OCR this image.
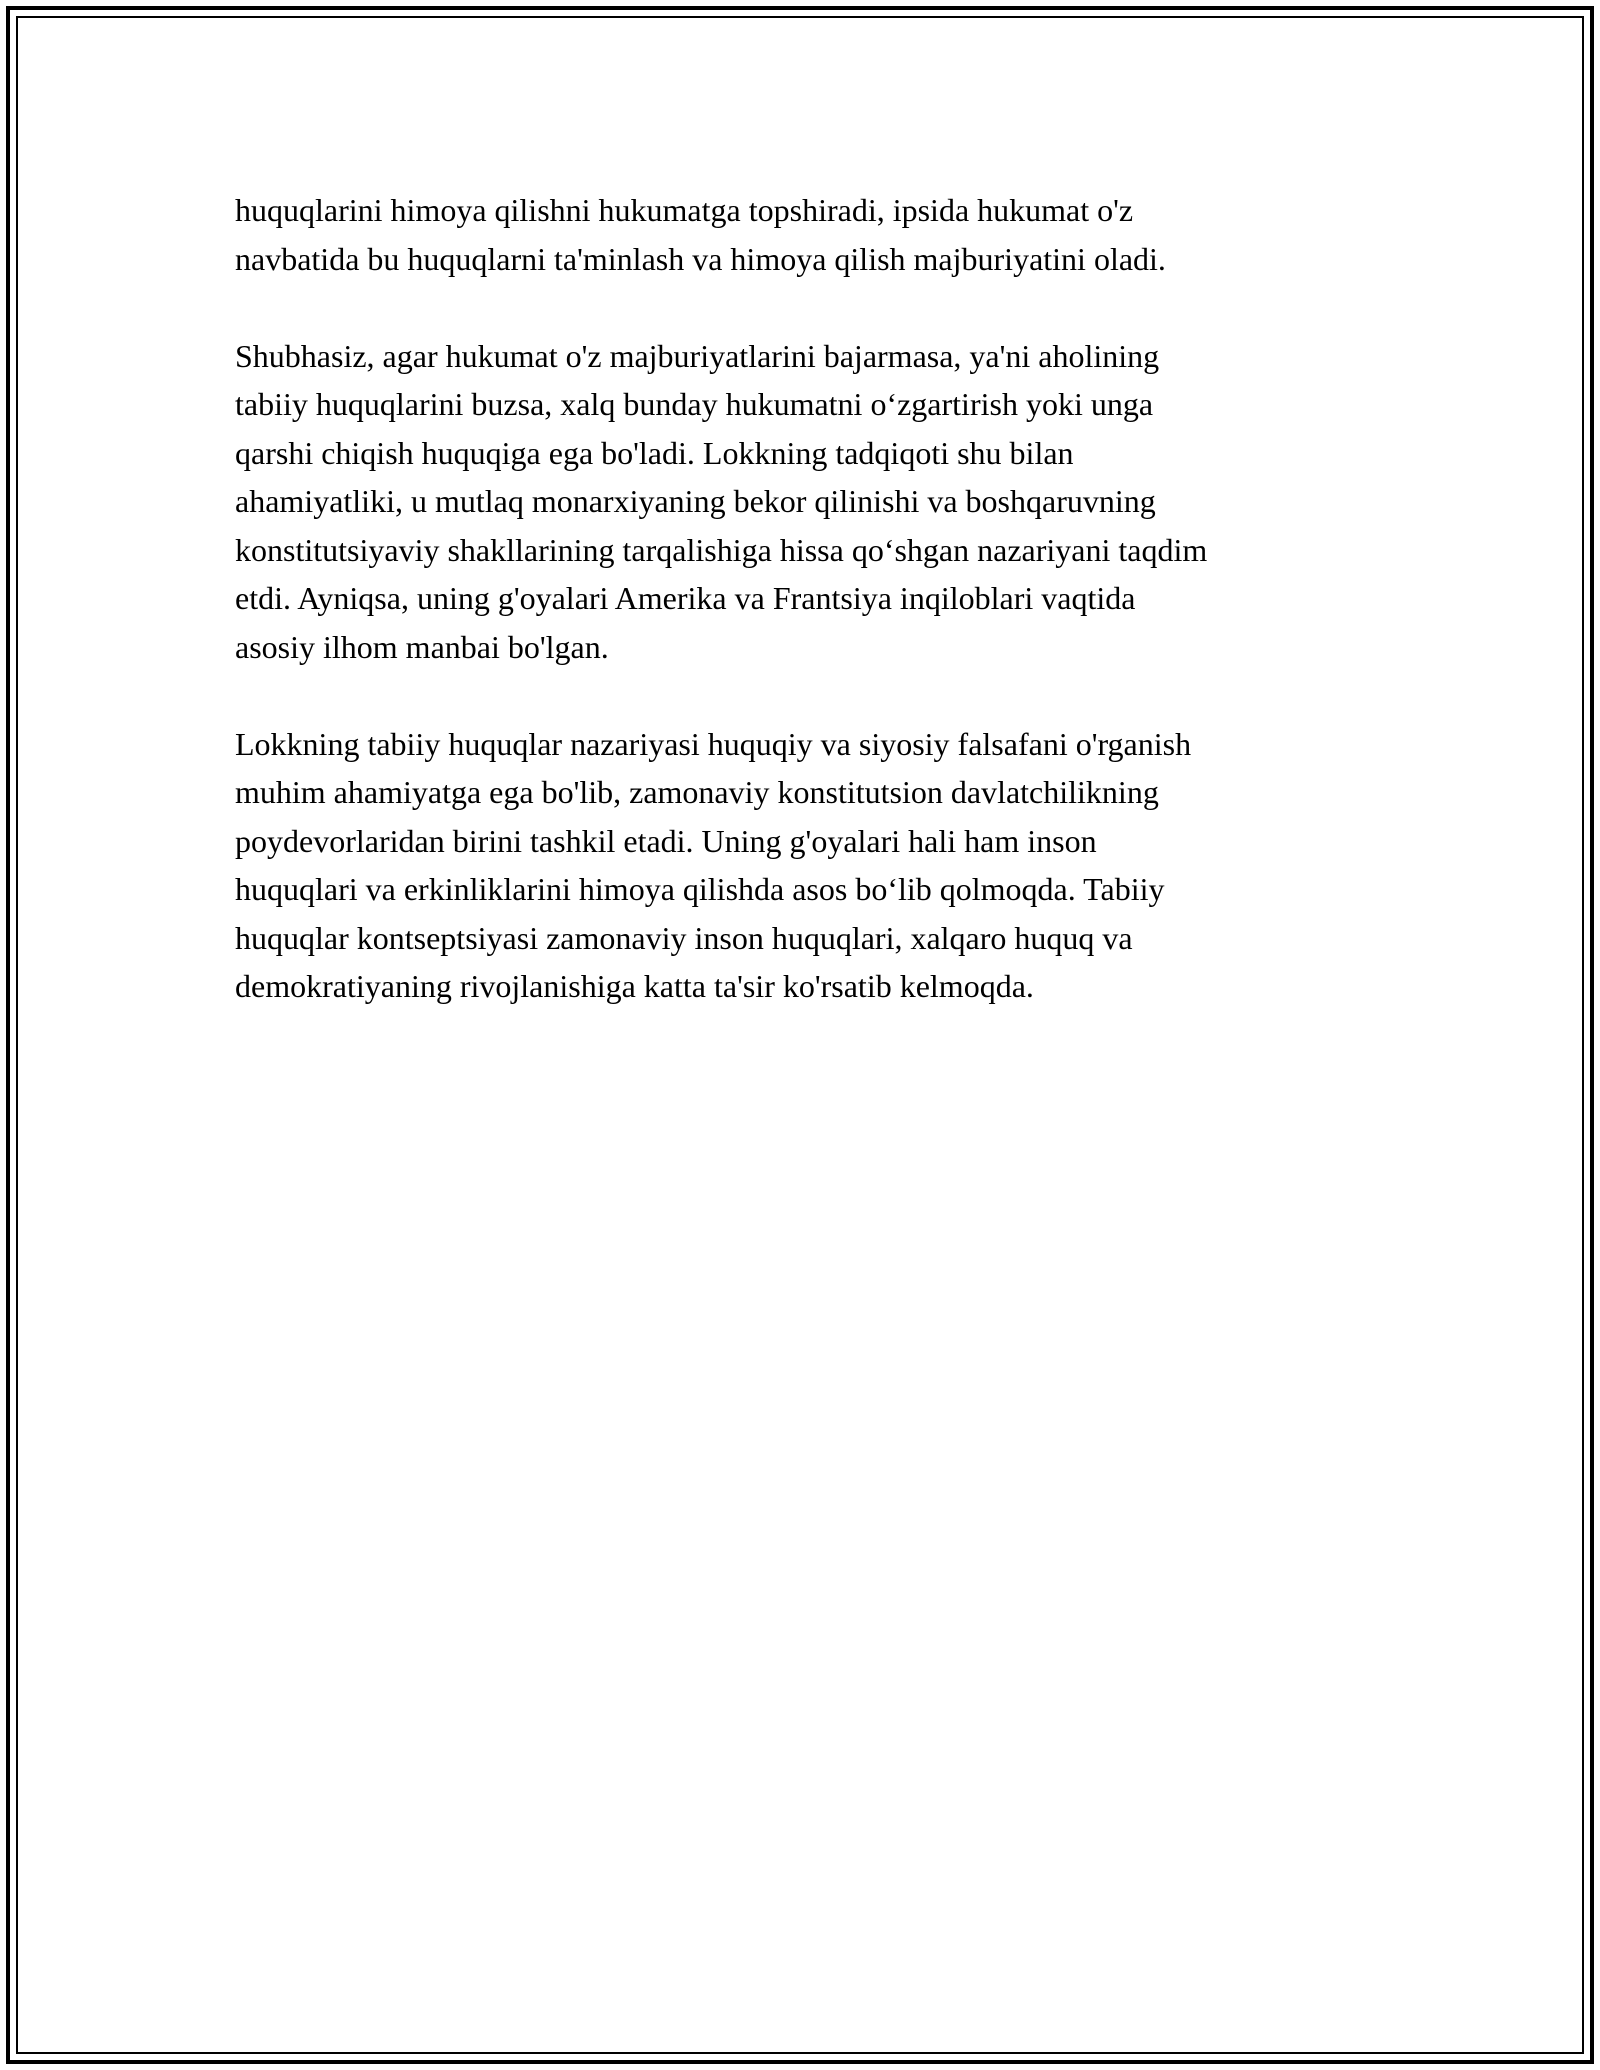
huquqlarini himoya qilishni hukumatga topshiradi, ipsida hukumat o'z
navbatida bu huquqlarni ta'minlash va himoya qilish majburiyatini oladi.

Shubhasiz, agar hukumat o'z majburiyatlarini bajarmasa, ya'ni aholining
tabiiy huquqlarini buzsa, xalq bunday hukumatni o‘zgartirish yoki unga
qarshi chiqish huquqiga ega bo'ladi. Lokkning tadqiqoti shu bilan
ahamiyatliki, u mutlaq monarxiyaning bekor qilinishi va boshqaruvning
konstitutsiyaviy shakllarining tarqalishiga hissa qo‘shgan nazariyani taqdim
etdi. Ayniqsa, uning g'oyalari Amerika va Frantsiya inqiloblari vaqtida
asosiy ilhom manbai bo'lgan.

Lokkning tabiiy huquqlar nazariyasi huquqiy va siyosiy falsafani o'rganish
muhim ahamiyatga ega bo'lib, zamonaviy konstitutsion davlatchilikning
poydevorlaridan birini tashkil etadi. Uning g'oyalari hali ham inson
huquqlari va erkinliklarini himoya qilishda asos bo‘lib qolmoqda. Tabiiy
huquqlar kontseptsiyasi zamonaviy inson huquqlari, xalqaro huquq va
demokratiyaning rivojlanishiga katta ta'sir ko'rsatib kelmoqda.
